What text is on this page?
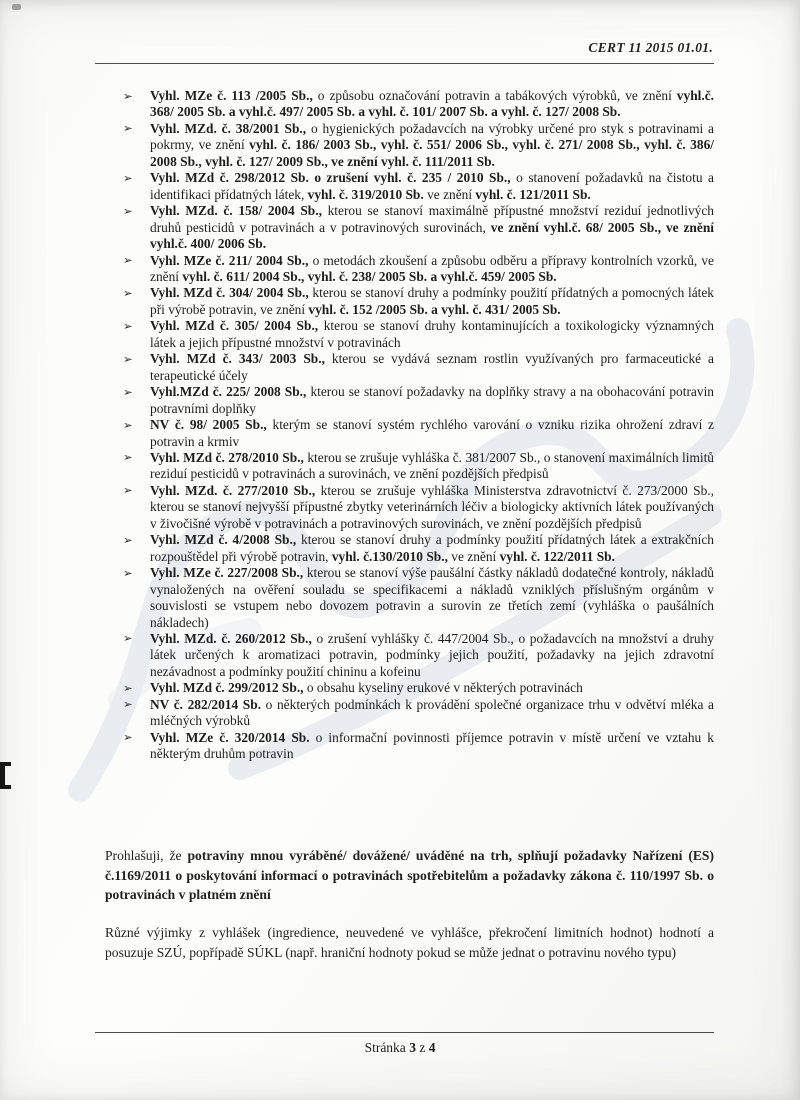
CERT 11 2015 01.01.
➢ Vyhl. MZe č. 113 /2005 Sb., o způsobu označování potravin a tabákových výrobků, ve znění vyhl.č. 368/ 2005 Sb. a vyhl.č. 497/ 2005 Sb. a vyhl. č. 101/ 2007 Sb. a vyhl. č. 127/ 2008 Sb.
➢ Vyhl. MZd. č. 38/2001 Sb., o hygienických požadavcích na výrobky určené pro styk s potravinami a pokrmy, ve znění vyhl. č. 186/ 2003 Sb., vyhl. č. 551/ 2006 Sb., vyhl. č. 271/ 2008 Sb., vyhl. č. 386/ 2008 Sb., vyhl. č. 127/ 2009 Sb., ve znění vyhl. č. 111/2011 Sb.
➢ Vyhl. MZd č. 298/2012 Sb. o zrušení vyhl. č. 235 / 2010 Sb., o stanovení požadavků na čistotu a identifikaci přídatných látek, vyhl. č. 319/2010 Sb. ve znění vyhl. č. 121/2011 Sb.
➢ Vyhl. MZd. č. 158/ 2004 Sb., kterou se stanoví maximálně přípustné množství reziduí jednotlivých druhů pesticidů v potravinách a v potravinových surovinách, ve znění vyhl.č. 68/ 2005 Sb., ve znění vyhl.č. 400/ 2006 Sb.
➢ Vyhl. MZe č. 211/ 2004 Sb., o metodách zkoušení a způsobu odběru a přípravy kontrolních vzorků, ve znění vyhl. č. 611/ 2004 Sb., vyhl. č. 238/ 2005 Sb. a vyhl.č. 459/ 2005 Sb.
➢ Vyhl. MZd č. 304/ 2004 Sb., kterou se stanoví druhy a podmínky použití přídatných a pomocných látek při výrobě potravin, ve znění vyhl. č. 152 /2005 Sb. a vyhl. č. 431/ 2005 Sb.
➢ Vyhl. MZd č. 305/ 2004 Sb., kterou se stanoví druhy kontaminujících a toxikologicky významných látek a jejich přípustné množství v potravinách
➢ Vyhl. MZd č. 343/ 2003 Sb., kterou se vydává seznam rostlin využívaných pro farmaceutické a terapeutické účely
➢ Vyhl.MZd č. 225/ 2008 Sb., kterou se stanoví požadavky na doplňky stravy a na obohacování potravin potravními doplňky
➢ NV č. 98/ 2005 Sb., kterým se stanoví systém rychlého varování o vzniku rizika ohrožení zdraví z potravin a krmiv
➢ Vyhl. MZd č. 278/2010 Sb., kterou se zrušuje vyhláška č. 381/2007 Sb., o stanovení maximálních limitů reziduí pesticidů v potravinách a surovinách, ve znění pozdějších předpisů
➢ Vyhl. MZd. č. 277/2010 Sb., kterou se zrušuje vyhláška Ministerstva zdravotnictví č. 273/2000 Sb., kterou se stanoví nejvyšší přípustné zbytky veterinárních léčiv a biologicky aktivních látek používaných v živočišné výrobě v potravinách a potravinových surovinách, ve znění pozdějších předpisů
➢ Vyhl. MZd č. 4/2008 Sb., kterou se stanoví druhy a podmínky použití přídatných látek a extrakčních rozpouštědel při výrobě potravin, vyhl. č.130/2010 Sb., ve znění vyhl. č. 122/2011 Sb.
➢ Vyhl. MZe č. 227/2008 Sb., kterou se stanoví výše paušální částky nákladů dodatečné kontroly, nákladů vynaložených na ověření souladu se specifikacemi a nákladů vzniklých příslušným orgánům v souvislosti se vstupem nebo dovozem potravin a surovin ze třetích zemí (vyhláška o paušálních nákladech)
➢ Vyhl. MZd. č. 260/2012 Sb., o zrušení vyhlášky č. 447/2004 Sb., o požadavcích na množství a druhy látek určených k aromatizaci potravin, podmínky jejich použití, požadavky na jejich zdravotní nezávadnost a podmínky použití chininu a kofeinu
➢ Vyhl. MZd č. 299/2012 Sb., o obsahu kyseliny erukové v některých potravinách
➢ NV č. 282/2014 Sb. o některých podmínkách k provádění společné organizace trhu v odvětví mléka a mléčných výrobků
➢ Vyhl. MZe č. 320/2014 Sb. o informační povinnosti příjemce potravin v místě určení ve vztahu k některým druhům potravin
Prohlašuji, že potraviny mnou vyráběné/ dovážené/ uváděné na trh, splňují požadavky Nařízení (ES) č.1169/2011 o poskytování informací o potravinách spotřebitelům a požadavky zákona č. 110/1997 Sb. o potravinách v platném znění
Různé výjimky z vyhlášek (ingredience, neuvedené ve vyhlášce, překročení limitních hodnot) hodnotí a posuzuje SZÚ, popřípadě SÚKL (např. hraniční hodnoty pokud se může jednat o potravinu nového typu)
Stránka 3 z 4
